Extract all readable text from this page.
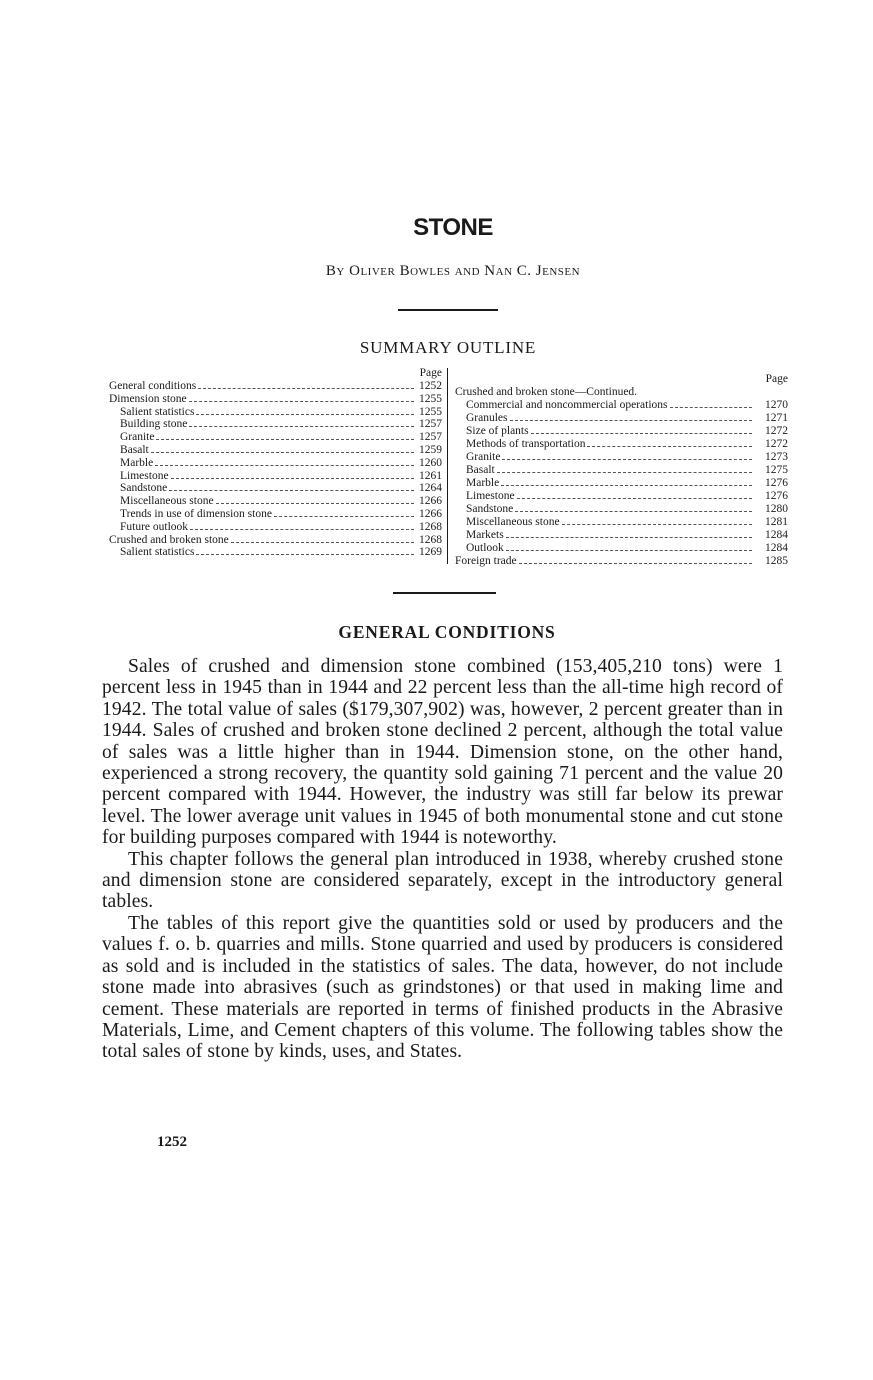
STONE
By Oliver Bowles and Nan C. Jensen
SUMMARY OUTLINE
Page
General conditions	1252
Dimension stone	1255
Salient statistics	1255
Building stone	1257
Granite	1257
Basalt	1259
Marble	1260
Limestone	1261
Sandstone	1264
Miscellaneous stone	1266
Trends in use of dimension stone	1266
Future outlook	1268
Crushed and broken stone	1268
Salient statistics	1269
Page
Crushed and broken stone—Continued.
Commercial and noncommercial operations	1270
Granules	1271
Size of plants	1272
Methods of transportation	1272
Granite	1273
Basalt	1275
Marble	1276
Limestone	1276
Sandstone	1280
Miscellaneous stone	1281
Markets	1284
Outlook	1284
Foreign trade	1285
GENERAL CONDITIONS

Sales of crushed and dimension stone combined (153,405,210 tons) were 1 percent less in 1945 than in 1944 and 22 percent less than the all-time high record of 1942. The total value of sales ($179,307,902) was, however, 2 percent greater than in 1944. Sales of crushed and broken stone declined 2 percent, although the total value of sales was a little higher than in 1944. Dimension stone, on the other hand, experienced a strong recovery, the quantity sold gaining 71 percent and the value 20 percent compared with 1944. However, the industry was still far below its prewar level. The lower average unit values in 1945 of both monumental stone and cut stone for building purposes compared with 1944 is noteworthy.

This chapter follows the general plan introduced in 1938, whereby crushed stone and dimension stone are considered separately, except in the introductory general tables.

The tables of this report give the quantities sold or used by producers and the values f. o. b. quarries and mills. Stone quarried and used by producers is considered as sold and is included in the statistics of sales. The data, however, do not include stone made into abrasives (such as grindstones) or that used in making lime and cement. These materials are reported in terms of finished products in the Abrasive Materials, Lime, and Cement chapters of this volume. The following tables show the total sales of stone by kinds, uses, and States.

1252
